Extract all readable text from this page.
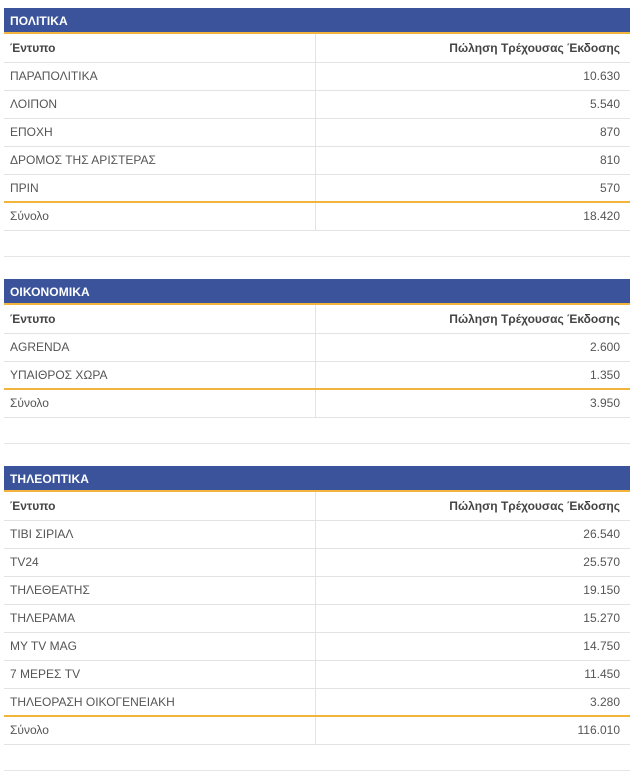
ΠΟΛΙΤΙΚΑ
Έντυπο	Πώληση Τρέχουσας Έκδοσης
ΠΑΡΑΠΟΛΙΤΙΚΑ	10.630
ΛΟΙΠΟΝ	5.540
ΕΠΟΧΗ	870
ΔΡΟΜΟΣ ΤΗΣ ΑΡΙΣΤΕΡΑΣ	810
ΠΡΙΝ	570
Σύνολο	18.420
ΟΙΚΟΝΟΜΙΚΑ
Έντυπο	Πώληση Τρέχουσας Έκδοσης
AGRENDA	2.600
ΥΠΑΙΘΡΟΣ ΧΩΡΑ	1.350
Σύνολο	3.950
ΤΗΛΕΟΠΤΙΚΑ
Έντυπο	Πώληση Τρέχουσας Έκδοσης
ΤΙΒΙ ΣΙΡΙΑΛ	26.540
TV24	25.570
ΤΗΛΕΘΕΑΤΗΣ	19.150
ΤΗΛΕΡΑΜΑ	15.270
MY TV MAG	14.750
7 ΜΕΡΕΣ TV	11.450
ΤΗΛΕΟΡΑΣΗ ΟΙΚΟΓΕΝΕΙΑΚΗ	3.280
Σύνολο	116.010
